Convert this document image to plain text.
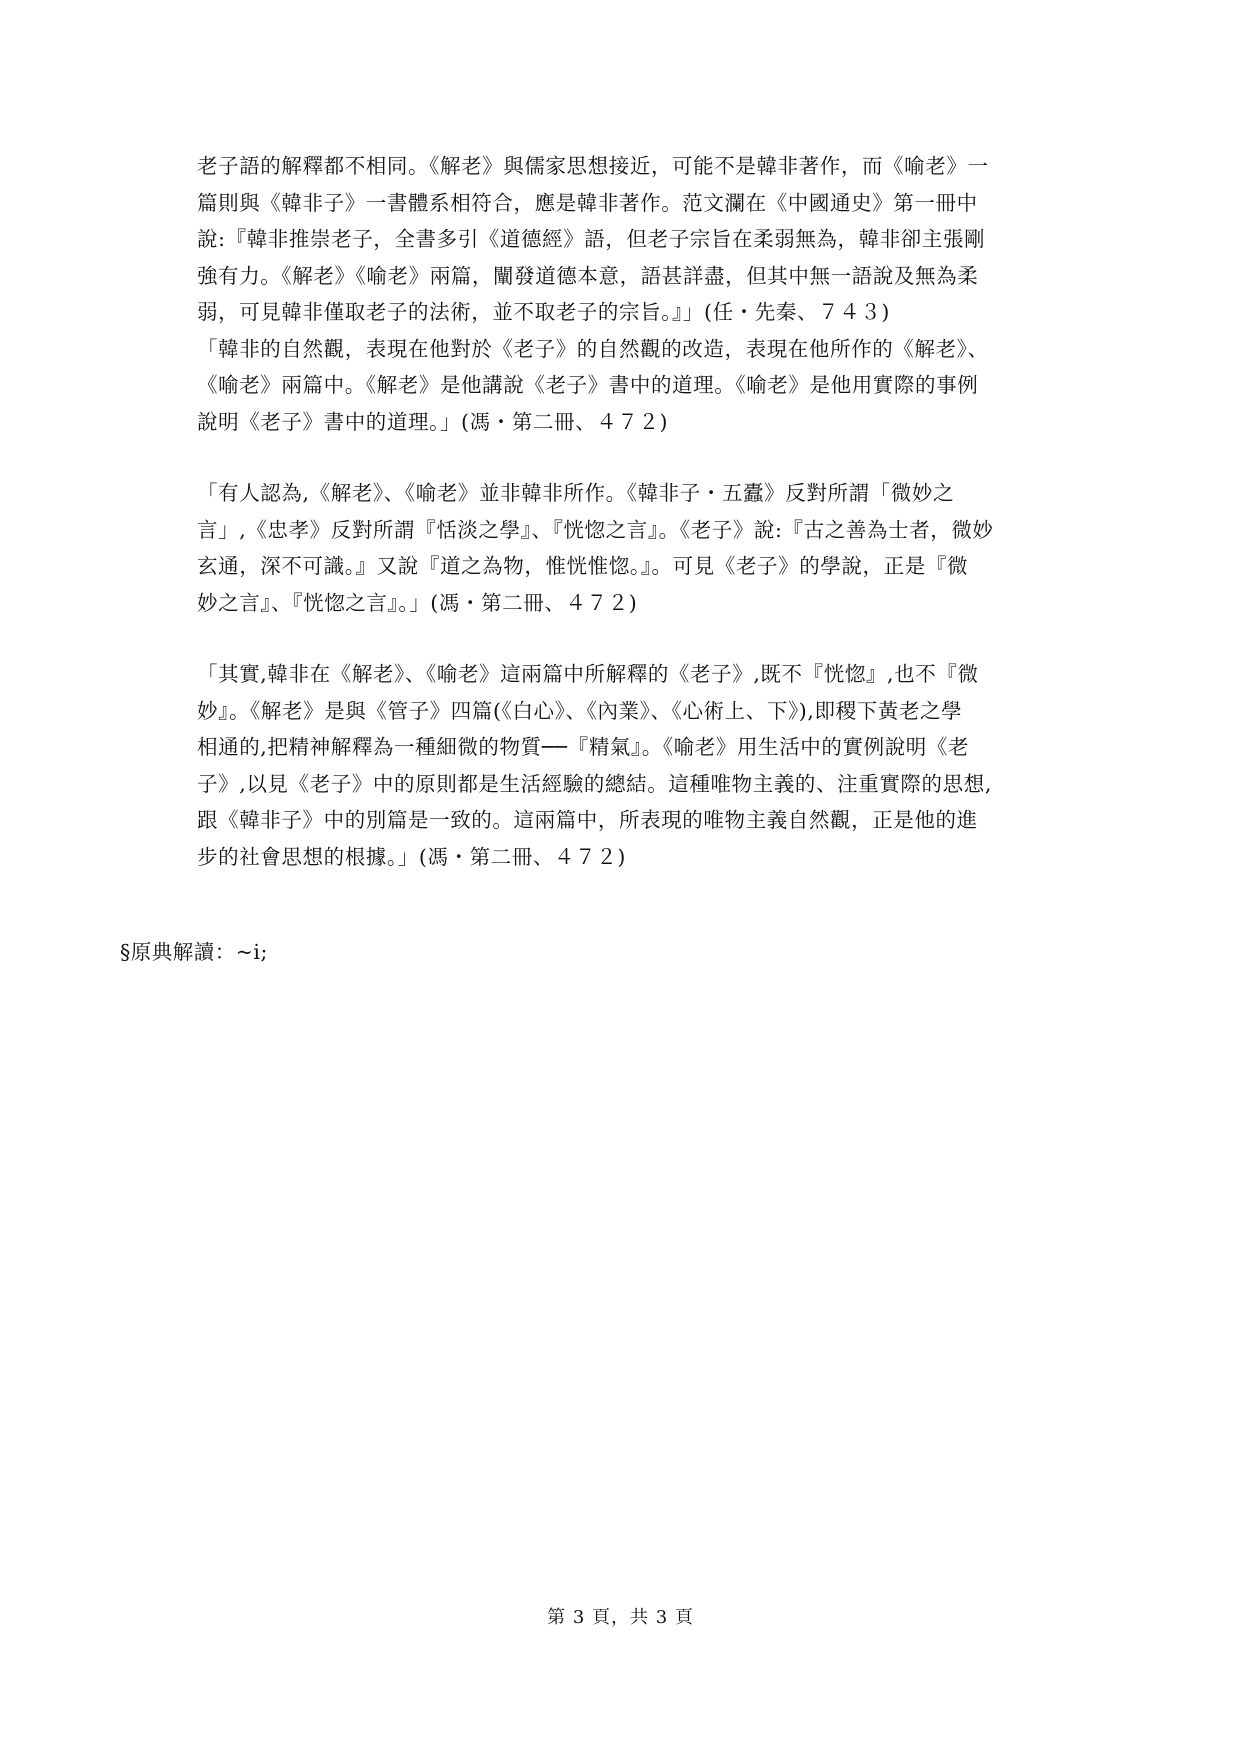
老子語的解釋都不相同。《解老》與儒家思想接近，可能不是韓非著作，而《喻老》一
篇則與《韓非子》一書體系相符合，應是韓非著作。范文瀾在《中國通史》第一冊中
說:『韓非推崇老子，全書多引《道德經》語，但老子宗旨在柔弱無為，韓非卻主張剛
強有力。《解老》《喻老》兩篇，闡發道德本意，語甚詳盡，但其中無一語說及無為柔
弱，可見韓非僅取老子的法術，並不取老子的宗旨。』」(任・先秦、７４３)

「韓非的自然觀，表現在他對於《老子》的自然觀的改造，表現在他所作的《解老》、
《喻老》兩篇中。《解老》是他講說《老子》書中的道理。《喻老》是他用實際的事例
說明《老子》書中的道理。」(馮・第二冊、４７２)

「有人認為,《解老》、《喻老》並非韓非所作。《韓非子・五蠹》反對所謂「微妙之
言」,《忠孝》反對所謂『恬淡之學』、『恍惚之言』。《老子》說:『古之善為士者，微妙
玄通，深不可識。』又說『道之為物，惟恍惟惚。』。可見《老子》的學說，正是『微
妙之言』、『恍惚之言』。」(馮・第二冊、４７２)

「其實,韓非在《解老》、《喻老》這兩篇中所解釋的《老子》,既不『恍惚』,也不『微
妙』。《解老》是與《管子》四篇(《白心》、《內業》、《心術上、下》),即稷下黃老之學
相通的,把精神解釋為一種細微的物質──『精氣』。《喻老》用生活中的實例說明《老
子》,以見《老子》中的原則都是生活經驗的總結。這種唯物主義的、注重實際的思想,
跟《韓非子》中的別篇是一致的。這兩篇中，所表現的唯物主義自然觀，正是他的進
步的社會思想的根據。」(馮・第二冊、４７２)

§原典解讀：~i;
第 3 頁，共 3 頁
